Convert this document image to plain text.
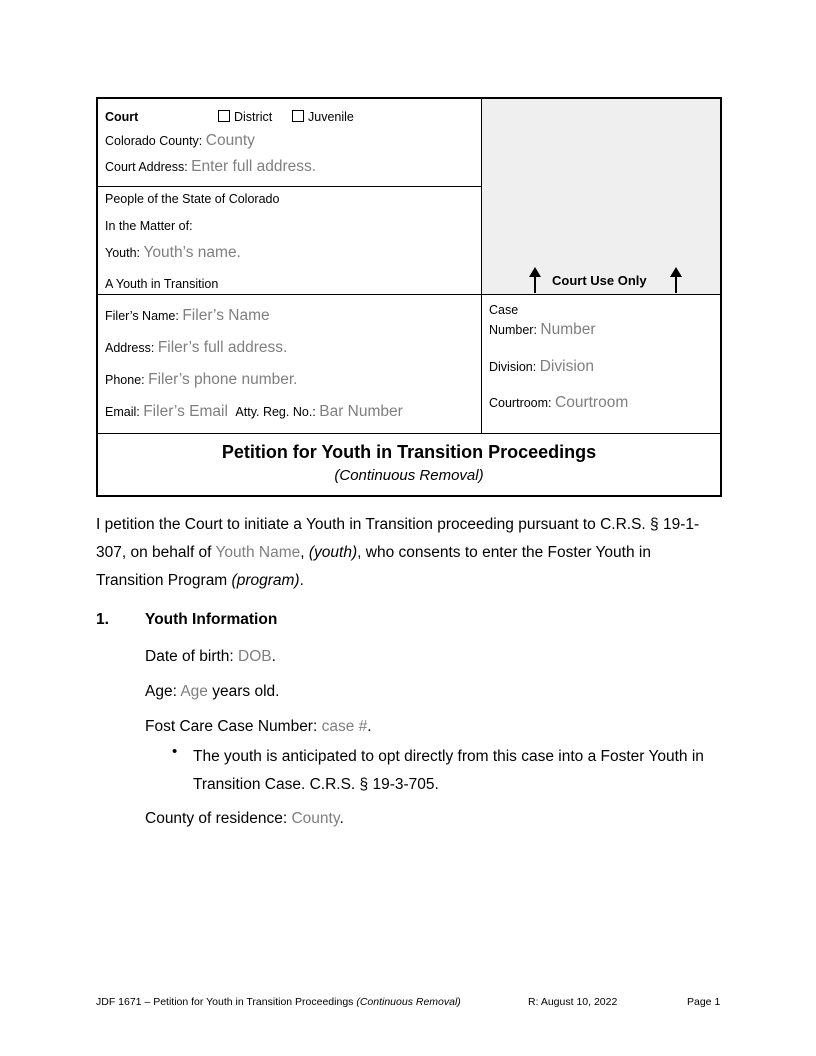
Court	District	Juvenile
Colorado County: County
Court Address: Enter full address.
People of the State of Colorado
In the Matter of:
Youth: Youth’s name.
A Youth in Transition	Court Use Only
Filer’s Name: Filer’s Name
Address: Filer’s full address.
Phone: Filer’s phone number.
Email: Filer’s Email Atty. Reg. No.: Bar Number
Case
Number: Number
Division: Division
Courtroom: Courtroom
Petition for Youth in Transition Proceedings
(Continuous Removal)
I petition the Court to initiate a Youth in Transition proceeding pursuant to C.R.S. § 19-1-307, on behalf of Youth Name, (youth), who consents to enter the Foster Youth in Transition Program (program).
1. Youth Information
Date of birth: DOB.
Age: Age years old.
Fost Care Case Number: case #.
• The youth is anticipated to opt directly from this case into a Foster Youth in Transition Case. C.R.S. § 19-3-705.
County of residence: County.
JDF 1671 – Petition for Youth in Transition Proceedings (Continuous Removal)	R: August 10, 2022	Page 1
